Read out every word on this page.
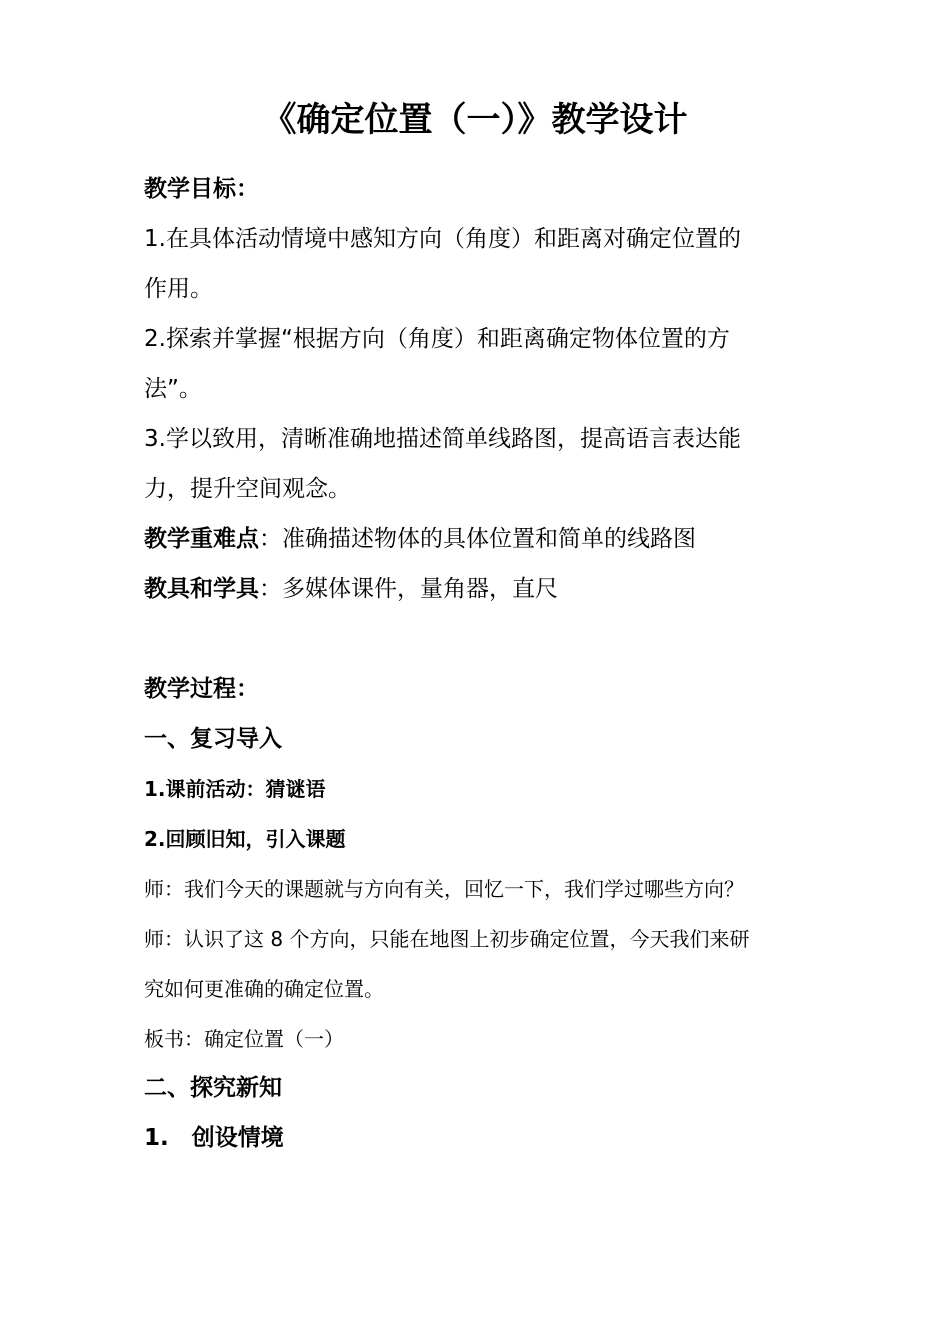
《确定位置（一）》教学设计
教学目标：
1.在具体活动情境中感知方向（角度）和距离对确定位置的
作用。
2.探索并掌握“根据方向（角度）和距离确定物体位置的方
法”。
3.学以致用，清晰准确地描述简单线路图，提高语言表达能
力，提升空间观念。
教学重难点：准确描述物体的具体位置和简单的线路图
教具和学具：多媒体课件，量角器，直尺
教学过程：
一、复习导入
1.课前活动：猜谜语
2.回顾旧知，引入课题
师：我们今天的课题就与方向有关，回忆一下，我们学过哪些方向？
师：认识了这 8 个方向，只能在地图上初步确定位置，今天我们来研
究如何更准确的确定位置。
板书：确定位置（一）
二、探究新知
1.　创设情境
